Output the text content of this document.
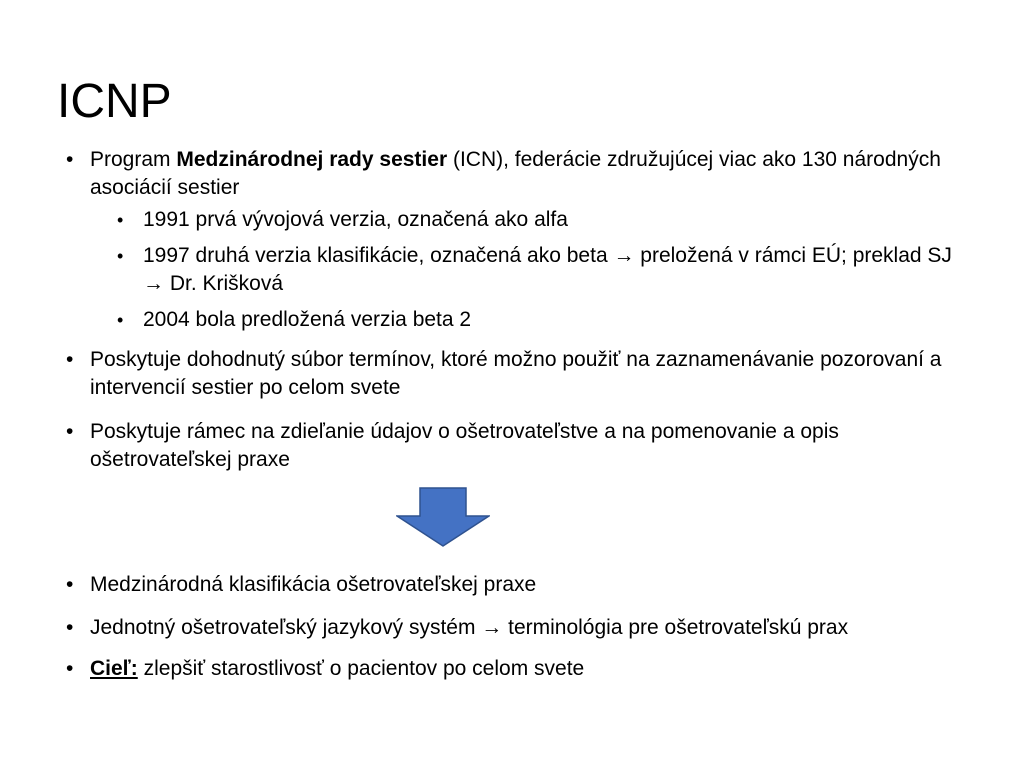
ICNP
• Program Medzinárodnej rady sestier (ICN), federácie združujúcej viac ako 130 národných asociácií sestier
• 1991 prvá vývojová verzia, označená ako alfa
• 1997 druhá verzia klasifikácie, označená ako beta → preložená v rámci EÚ; preklad SJ → Dr. Krišková
• 2004 bola predložená verzia beta 2
• Poskytuje dohodnutý súbor termínov, ktoré možno použiť na zaznamenávanie pozorovaní a intervencií sestier po celom svete
• Poskytuje rámec na zdieľanie údajov o ošetrovateľstve a na pomenovanie a opis ošetrovateľskej praxe
• Medzinárodná klasifikácia ošetrovateľskej praxe
• Jednotný ošetrovateľský jazykový systém → terminológia pre ošetrovateľskú prax
• Cieľ: zlepšiť starostlivosť o pacientov po celom svete
